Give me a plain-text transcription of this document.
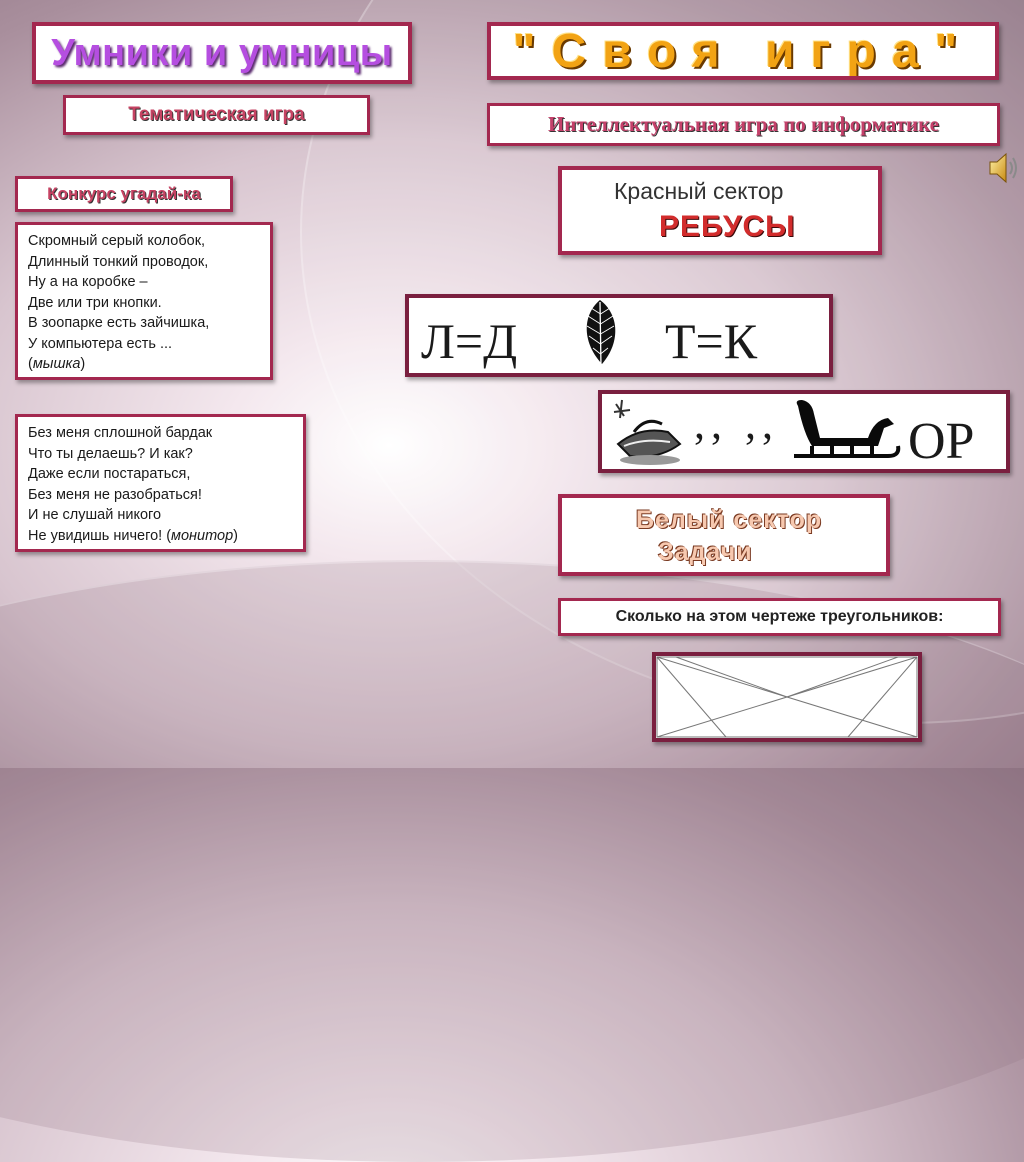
Умники и умницы "Своя игра"
Тематическая игра	Интеллектуальная игра по информатике
Конкурс угадай-ка
Скромный серый колобок,
Длинный тонкий проводок,
Ну а на коробке –
Две или три кнопки.
В зоопарке есть зайчишка,
У компьютера есть ...
(мышка)
Без меня сплошной бардак
Что ты делаешь? И как?
Даже если постараться,
Без меня не разобраться!
И не слушай никого
Не увидишь ничего! (монитор)
Красный сектор
РЕБУСЫ
Л=Д	Т=К
,, ,, ОР
Белый сектор
Задачи
Сколько на этом чертеже треугольников:
